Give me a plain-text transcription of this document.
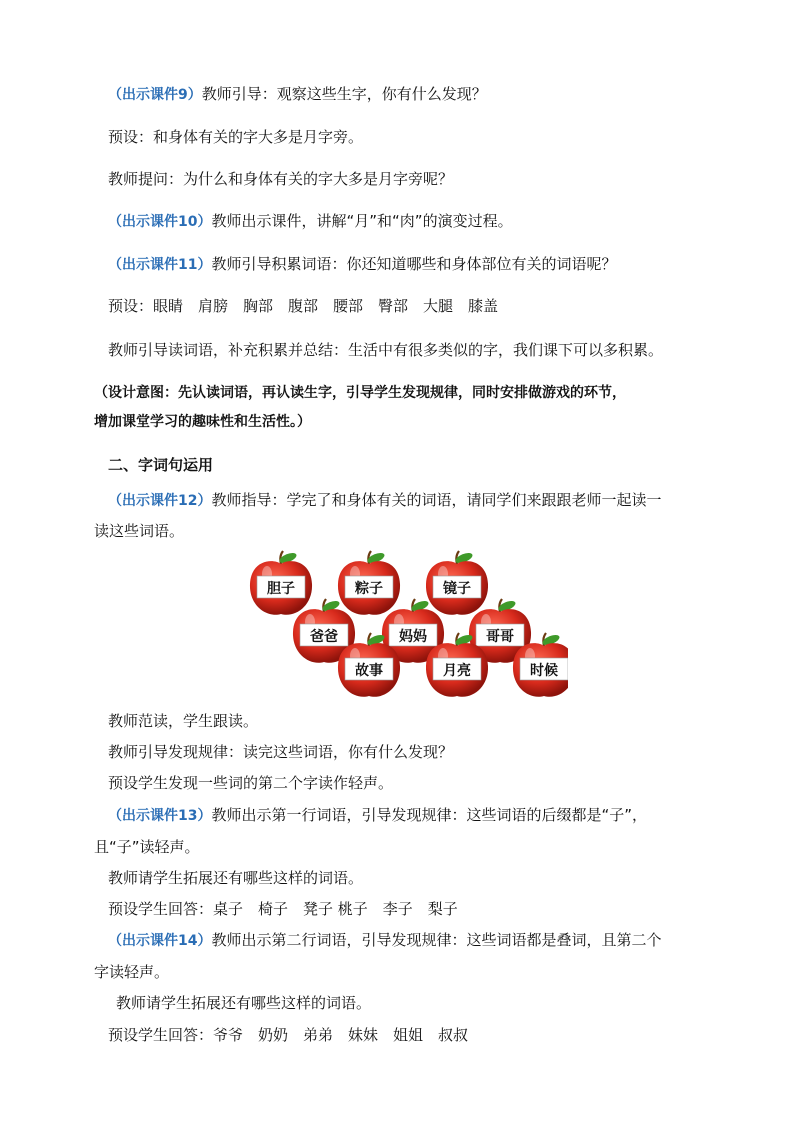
（出示课件9）教师引导：观察这些生字，你有什么发现？
预设：和身体有关的字大多是月字旁。
教师提问：为什么和身体有关的字大多是月字旁呢？
（出示课件10）教师出示课件，讲解“月”和“肉”的演变过程。
（出示课件11）教师引导积累词语：你还知道哪些和身体部位有关的词语呢？
预设：眼睛　肩膀　胸部　腹部　腰部　臀部　大腿　膝盖
教师引导读词语，补充积累并总结：生活中有很多类似的字，我们课下可以多积累。
（设计意图：先认读词语，再认读生字，引导学生发现规律，同时安排做游戏的环节，
增加课堂学习的趣味性和生活性。）
二、字词句运用
（出示课件12）教师指导：学完了和身体有关的词语，请同学们来跟跟老师一起读一
读这些词语。
胆子	粽子	镜子
爸爸	妈妈	哥哥
故事	月亮	时候
教师范读，学生跟读。
教师引导发现规律：读完这些词语，你有什么发现？
预设学生发现一些词的第二个字读作轻声。
（出示课件13）教师出示第一行词语，引导发现规律：这些词语的后缀都是“子”，
且“子”读轻声。
教师请学生拓展还有哪些这样的词语。
预设学生回答：桌子　椅子　凳子 桃子　李子　梨子
（出示课件14）教师出示第二行词语，引导发现规律：这些词语都是叠词，且第二个
字读轻声。
教师请学生拓展还有哪些这样的词语。
预设学生回答：爷爷　奶奶　弟弟　妹妹　姐姐　叔叔
